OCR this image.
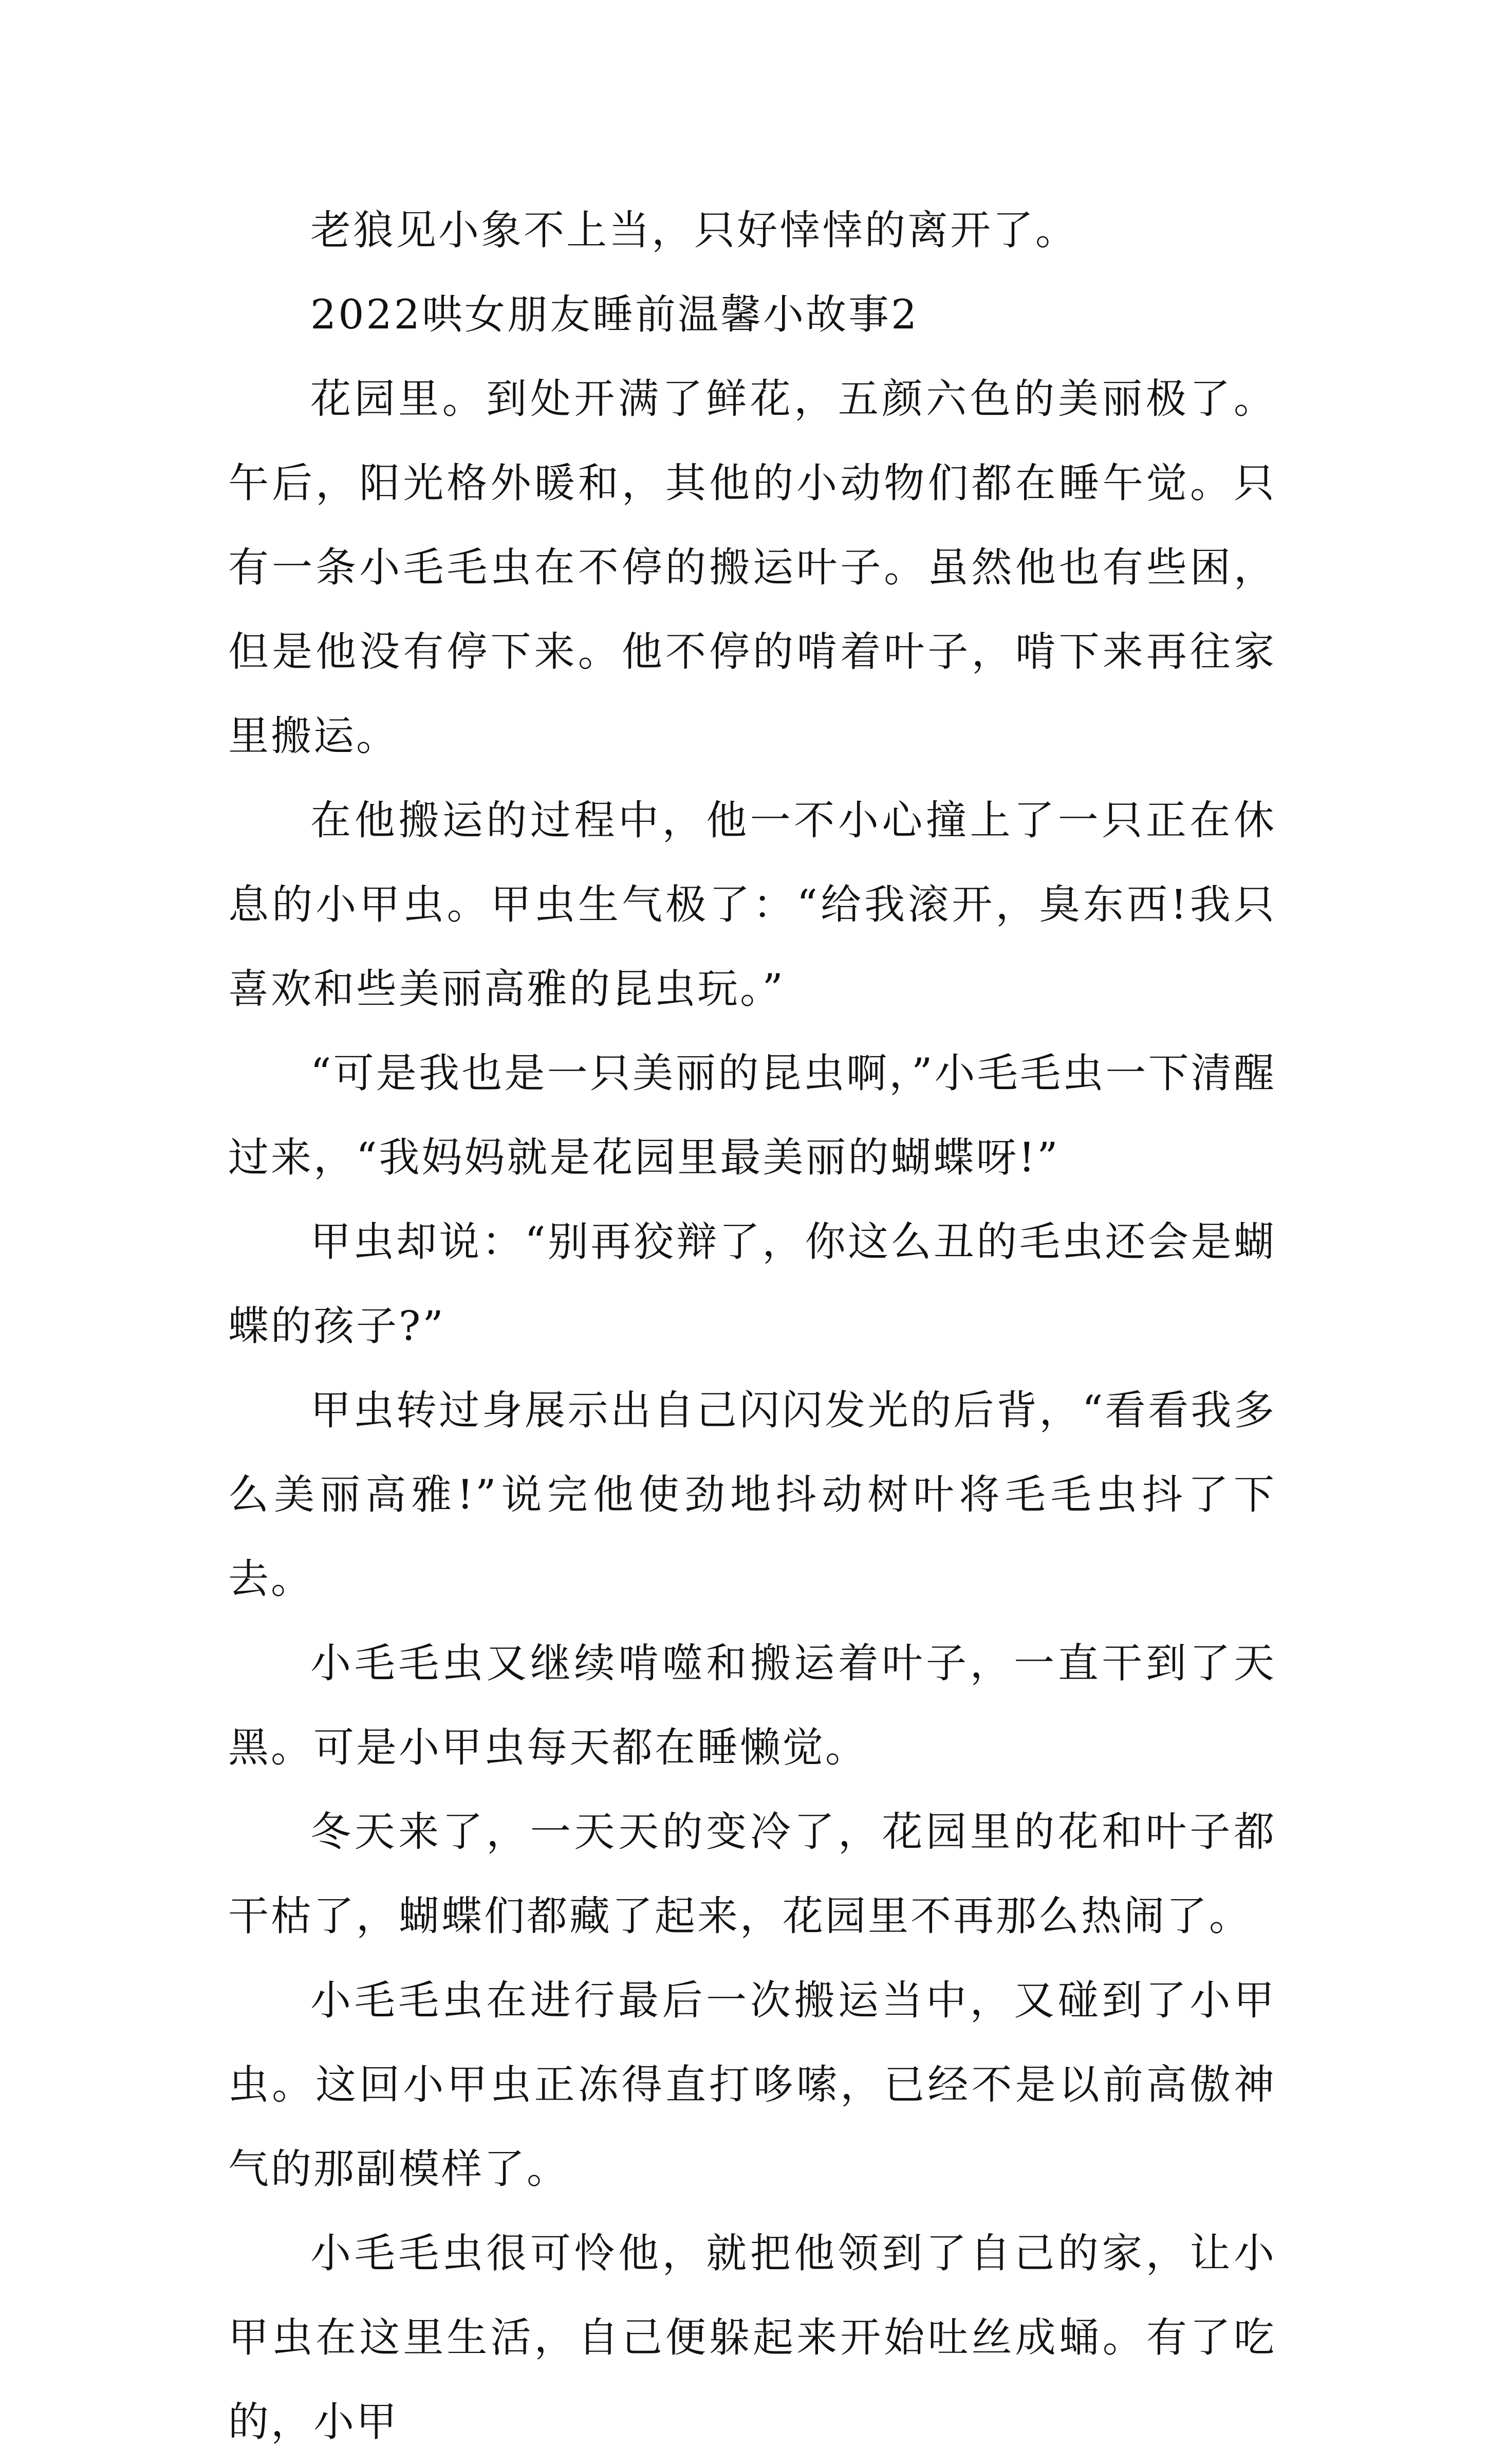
老狼见小象不上当，只好悻悻的离开了。

2022哄女朋友睡前温馨小故事2

花园里。到处开满了鲜花，五颜六色的美丽极了。午后，阳光格外暖和，其他的小动物们都在睡午觉。只有一条小毛毛虫在不停的搬运叶子。虽然他也有些困，但是他没有停下来。他不停的啃着叶子，啃下来再往家里搬运。

在他搬运的过程中，他一不小心撞上了一只正在休息的小甲虫。甲虫生气极了：“给我滚开，臭东西!我只喜欢和些美丽高雅的昆虫玩。”

“可是我也是一只美丽的昆虫啊，”小毛毛虫一下清醒过来，“我妈妈就是花园里最美丽的蝴蝶呀!”

甲虫却说：“别再狡辩了，你这么丑的毛虫还会是蝴蝶的孩子?”

甲虫转过身展示出自己闪闪发光的后背，“看看我多么美丽高雅!”说完他使劲地抖动树叶将毛毛虫抖了下去。

小毛毛虫又继续啃噬和搬运着叶子，一直干到了天黑。可是小甲虫每天都在睡懒觉。

冬天来了，一天天的变冷了，花园里的花和叶子都干枯了，蝴蝶们都藏了起来，花园里不再那么热闹了。

小毛毛虫在进行最后一次搬运当中，又碰到了小甲虫。这回小甲虫正冻得直打哆嗦，已经不是以前高傲神气的那副模样了。

小毛毛虫很可怜他，就把他领到了自己的家，让小甲虫在这里生活，自己便躲起来开始吐丝成蛹。有了吃的，小甲
